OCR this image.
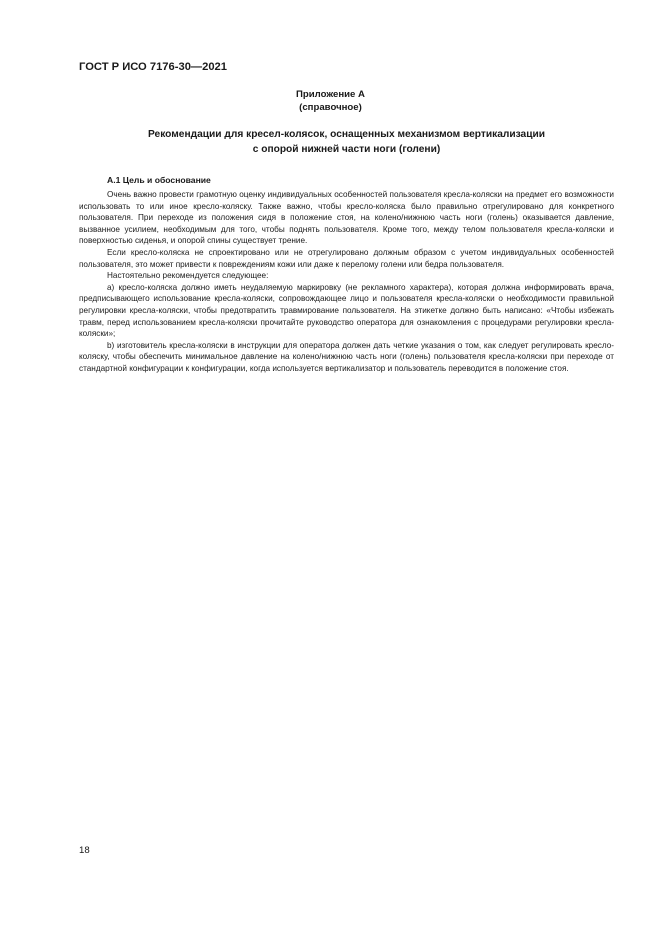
ГОСТ Р ИСО 7176-30—2021
Приложение А
(справочное)
Рекомендации для кресел-колясок, оснащенных механизмом вертикализации
с опорой нижней части ноги (голени)
А.1 Цель и обоснование

Очень важно провести грамотную оценку индивидуальных особенностей пользователя кресла-коляски на предмет его возможности использовать то или иное кресло-коляску. Также важно, чтобы кресло-коляска было правильно отрегулировано для конкретного пользователя. При переходе из положения сидя в положение стоя, на колено/нижнюю часть ноги (голень) оказывается давление, вызванное усилием, необходимым для того, чтобы поднять пользователя. Кроме того, между телом пользователя кресла-коляски и поверхностью сиденья, и опорой спины существует трение.

Если кресло-коляска не спроектировано или не отрегулировано должным образом с учетом индивидуальных особенностей пользователя, это может привести к повреждениям кожи или даже к перелому голени или бедра пользователя.

Настоятельно рекомендуется следующее:

a) кресло-коляска должно иметь неудаляемую маркировку (не рекламного характера), которая должна информировать врача, предписывающего использование кресла-коляски, сопровождающее лицо и пользователя кресла-коляски о необходимости правильной регулировки кресла-коляски, чтобы предотвратить травмирование пользователя. На этикетке должно быть написано: «Чтобы избежать травм, перед использованием кресла-коляски прочитайте руководство оператора для ознакомления с процедурами регулировки кресла-коляски»;

b) изготовитель кресла-коляски в инструкции для оператора должен дать четкие указания о том, как следует регулировать кресло-коляску, чтобы обеспечить минимальное давление на колено/нижнюю часть ноги (голень) пользователя кресла-коляски при переходе от стандартной конфигурации к конфигурации, когда используется вертикализатор и пользователь переводится в положение стоя.

18
